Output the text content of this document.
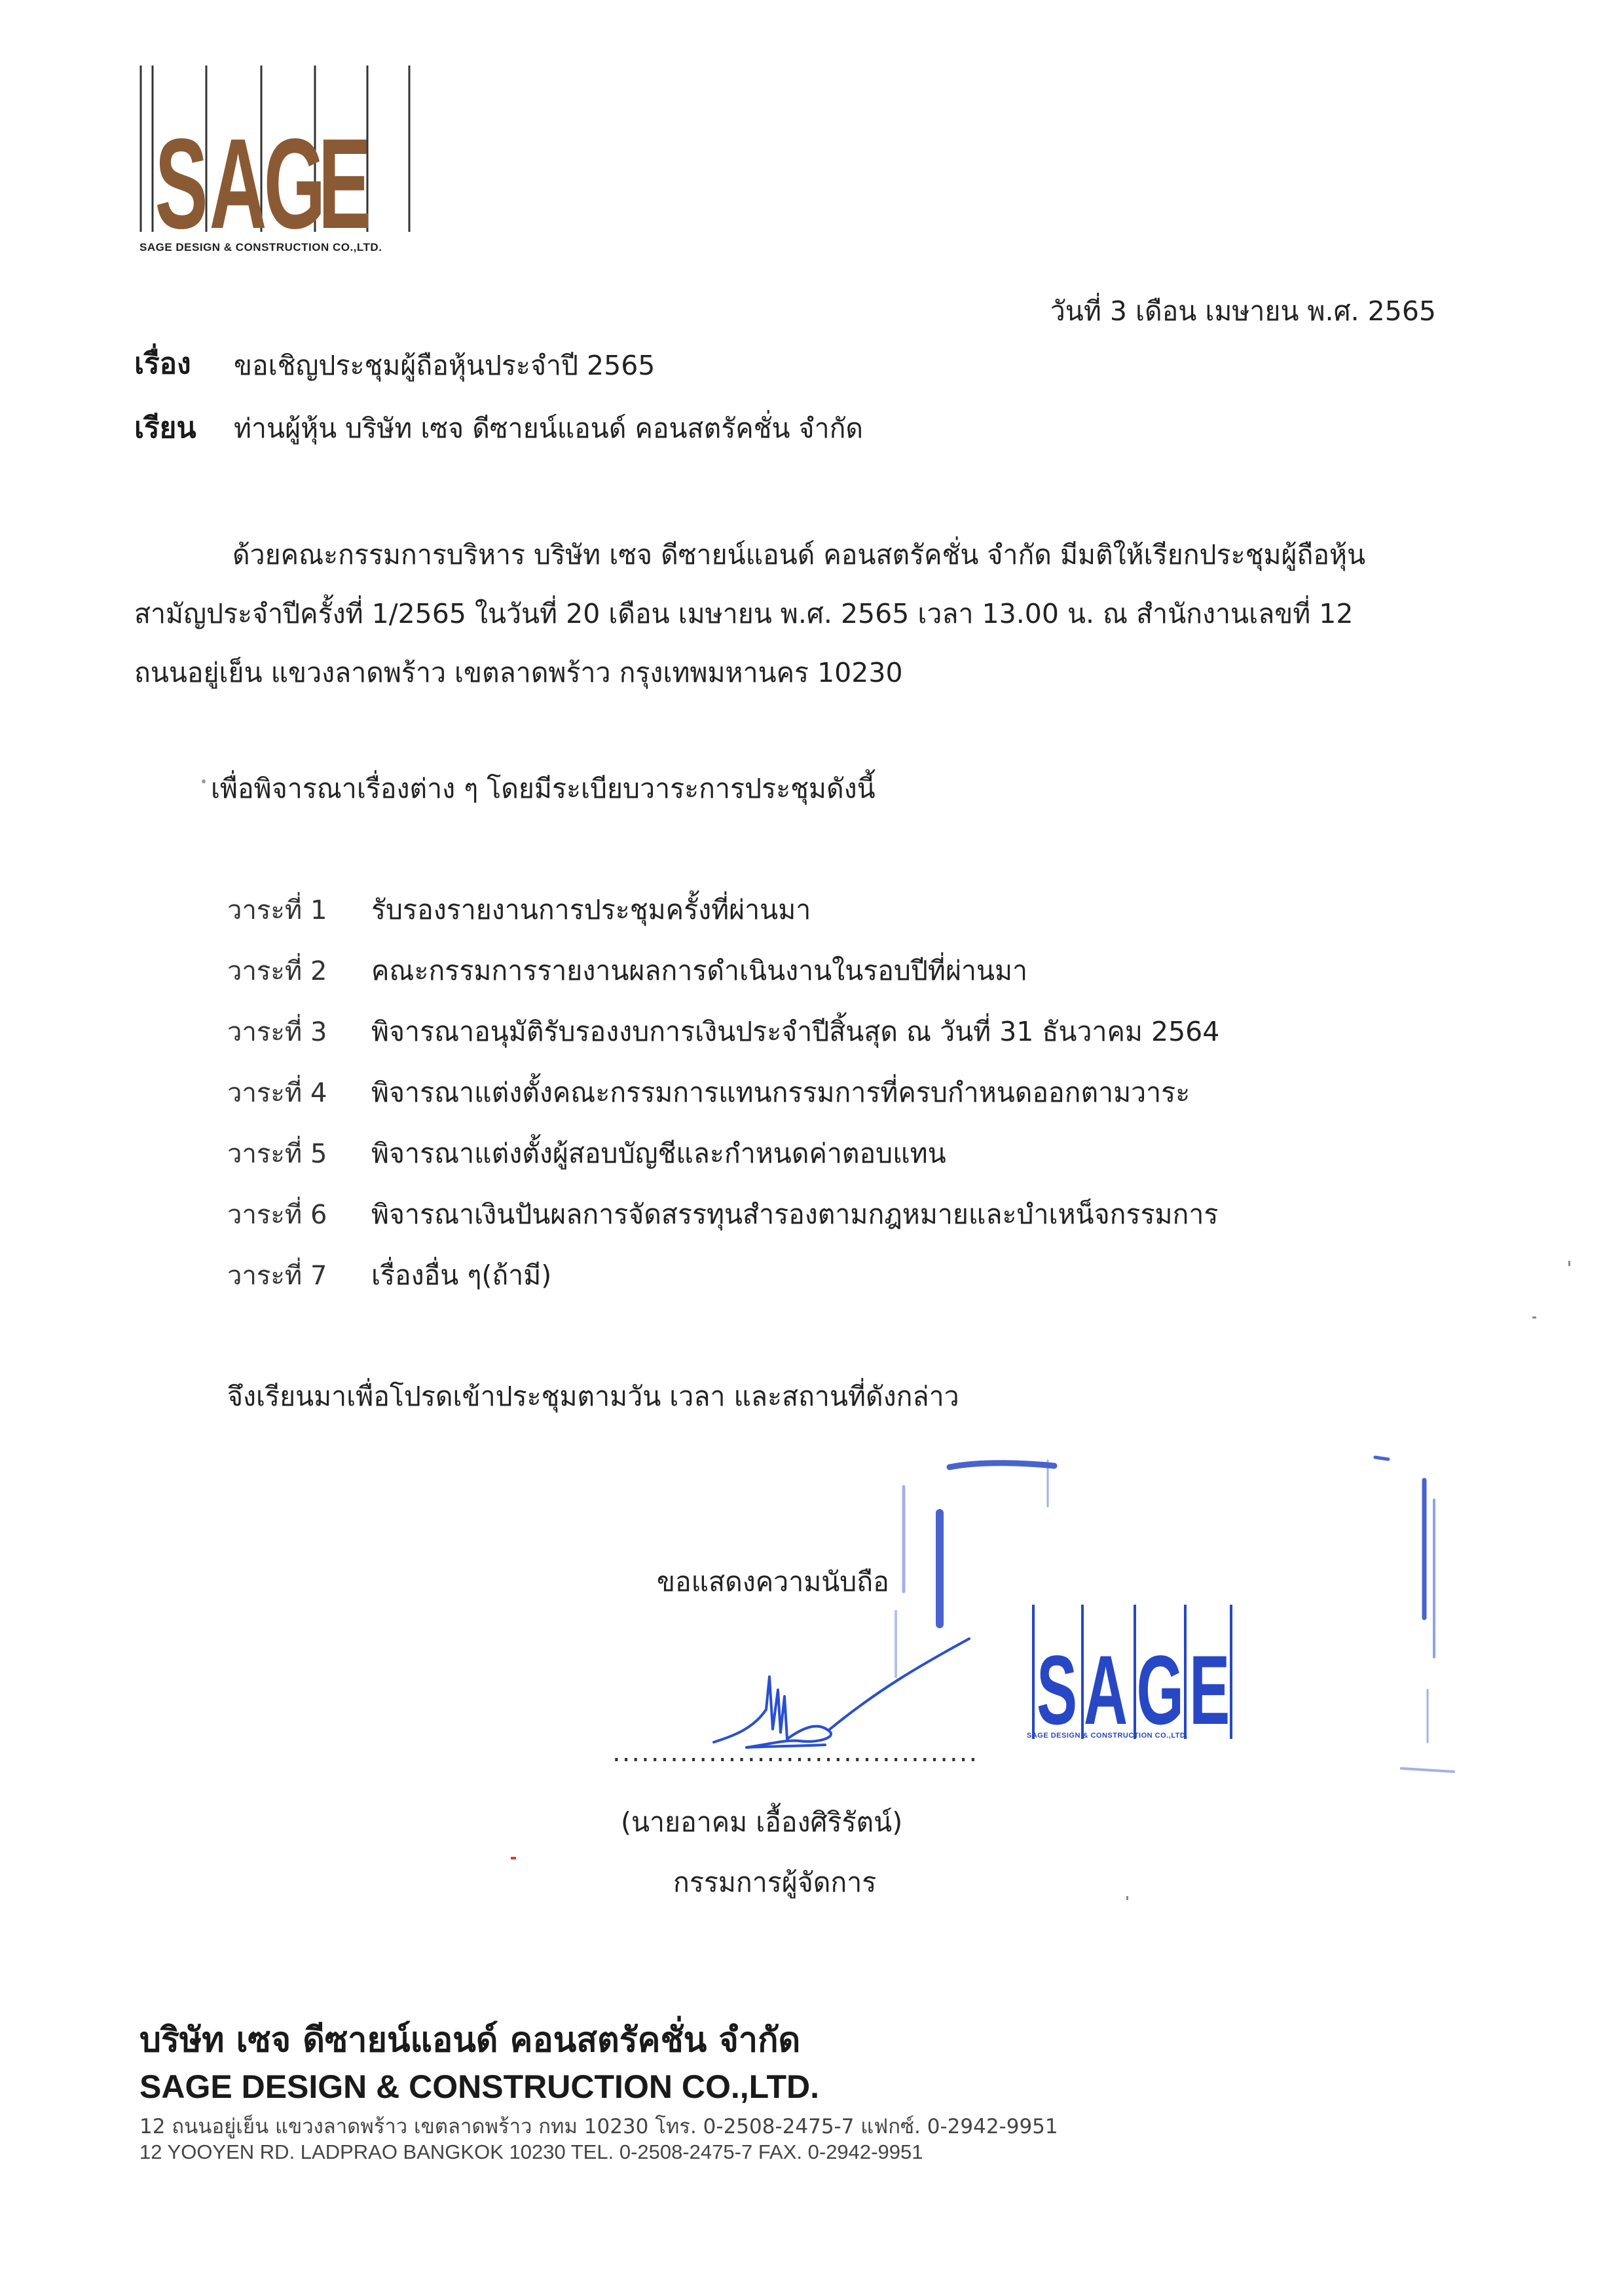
S A
G
E
SAGE DESIGN & CONSTRUCTION CO.,LTD.
วันที่ 3 เดือน เมษายน พ.ศ. 2565
เรื่อง ขอเชิญประชุมผู้ถือหุ้นประจำปี 2565
เรียน ท่านผู้หุ้น บริษัท เซจ ดีซายน์แอนด์ คอนสตรัคชั่น จำกัด
ด้วยคณะกรรมการบริหาร บริษัท เซจ ดีซายน์แอนด์ คอนสตรัคชั่น จำกัด มีมติให้เรียกประชุมผู้ถือหุ้น
สามัญประจำปีครั้งที่ 1/2565 ในวันที่ 20 เดือน เมษายน พ.ศ. 2565 เวลา 13.00 น. ณ สำนักงานเลขที่ 12
ถนนอยู่เย็น แขวงลาดพร้าว เขตลาดพร้าว กรุงเทพมหานคร 10230
เพื่อพิจารณาเรื่องต่าง ๆ โดยมีระเบียบวาระการประชุมดังนี้
วาระที่ 1 รับรองรายงานการประชุมครั้งที่ผ่านมา
วาระที่ 2 คณะกรรมการรายงานผลการดำเนินงานในรอบปีที่ผ่านมา
วาระที่ 3 พิจารณาอนุมัติรับรองงบการเงินประจำปีสิ้นสุด ณ วันที่ 31 ธันวาคม 2564
วาระที่ 4 พิจารณาแต่งตั้งคณะกรรมการแทนกรรมการที่ครบกำหนดออกตามวาระ
วาระที่ 5 พิจารณาแต่งตั้งผู้สอบบัญชีและกำหนดค่าตอบแทน
วาระที่ 6 พิจารณาเงินปันผลการจัดสรรทุนสำรองตามกฎหมายและบำเหน็จกรรมการ
วาระที่ 7 เรื่องอื่น ๆ(ถ้ามี)
จึงเรียนมาเพื่อโปรดเข้าประชุมตามวัน เวลา และสถานที่ดังกล่าว
S A G E
SAGE DESIGN & CONSTRUCTION CO.,LTD.
ขอแสดงความนับถือ
......................................
(นายอาคม เอื้องศิริรัตน์)
กรรมการผู้จัดการ
บริษัท เซจ ดีซายน์แอนด์ คอนสตรัคชั่น จำกัด
SAGE DESIGN & CONSTRUCTION CO.,LTD.
12 ถนนอยู่เย็น แขวงลาดพร้าว เขตลาดพร้าว กทม 10230 โทร. 0-2508-2475-7 แฟกซ์. 0-2942-9951
12 YOOYEN RD. LADPRAO BANGKOK 10230 TEL. 0-2508-2475-7 FAX. 0-2942-9951
